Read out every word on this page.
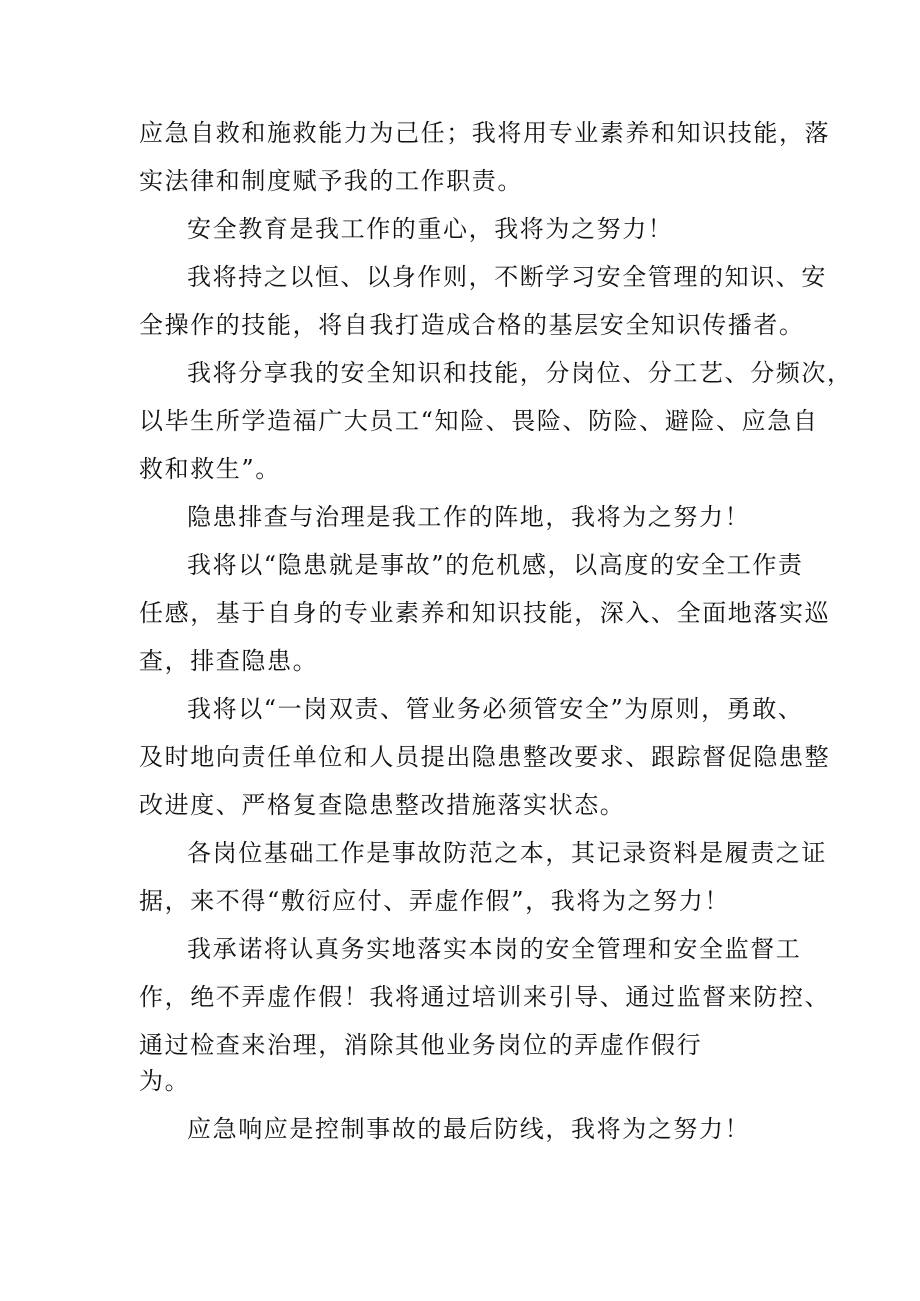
应急自救和施救能力为己任；我将用专业素养和知识技能，落
实法律和制度赋予我的工作职责。
安全教育是我工作的重心，我将为之努力！
我将持之以恒、以身作则，不断学习安全管理的知识、安
全操作的技能，将自我打造成合格的基层安全知识传播者。
我将分享我的安全知识和技能，分岗位、分工艺、分频次，
以毕生所学造福广大员工“知险、畏险、防险、避险、应急自
救和救生”。
隐患排查与治理是我工作的阵地，我将为之努力！
我将以“隐患就是事故”的危机感，以高度的安全工作责
任感，基于自身的专业素养和知识技能，深入、全面地落实巡
查，排查隐患。
我将以“一岗双责、管业务必须管安全”为原则，勇敢、
及时地向责任单位和人员提出隐患整改要求、跟踪督促隐患整
改进度、严格复查隐患整改措施落实状态。
各岗位基础工作是事故防范之本，其记录资料是履责之证
据，来不得“敷衍应付、弄虚作假”，我将为之努力！
我承诺将认真务实地落实本岗的安全管理和安全监督工
作，绝不弄虚作假！我将通过培训来引导、通过监督来防控、
通过检查来治理，消除其他业务岗位的弄虚作假行
为。
应急响应是控制事故的最后防线，我将为之努力！
